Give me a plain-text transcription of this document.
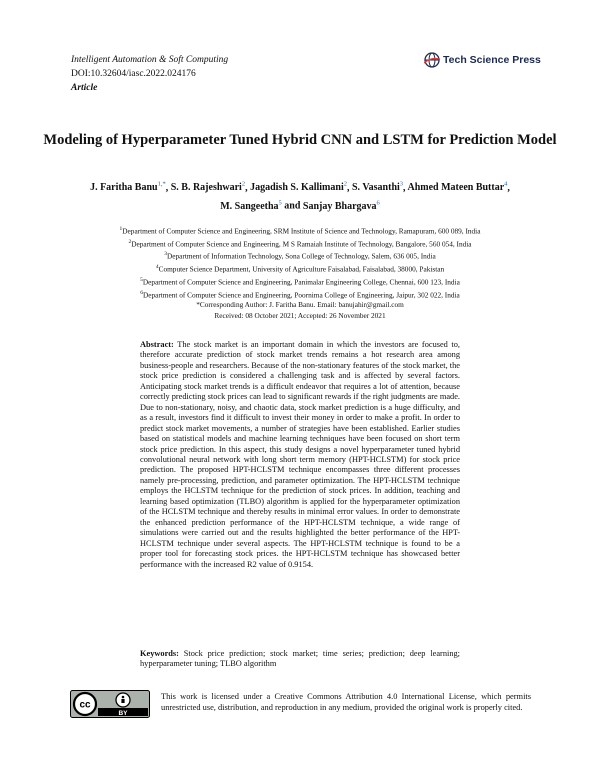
Intelligent Automation & Soft Computing
DOI:10.32604/iasc.2022.024176
Article
Tech Science Press
Modeling of Hyperparameter Tuned Hybrid CNN and LSTM for Prediction Model
J. Faritha Banu$^{1,*}$, S. B. Rajeshwari$^2$, Jagadish S. Kallimani$^2$, S. Vasanthi$^3$, Ahmed Mateen Buttar$^4$,
M. Sangeetha$^5$ and Sanjay Bhargava$^6$
$^1$Department of Computer Science and Engineering, SRM Institute of Science and Technology, Ramapuram, 600 089, India
$^2$Department of Computer Science and Engineering, M S Ramaiah Institute of Technology, Bangalore, 560 054, India
$^3$Department of Information Technology, Sona College of Technology, Salem, 636 005, India
$^4$Computer Science Department, University of Agriculture Faisalabad, Faisalabad, 38000, Pakistan
$^5$Department of Computer Science and Engineering, Panimalar Engineering College, Chennai, 600 123, India
$^6$Department of Computer Science and Engineering, Poornima College of Engineering, Jaipur, 302 022, India
*Corresponding Author: J. Faritha Banu. Email: banujahir@gmail.com
Received: 08 October 2021; Accepted: 26 November 2021
Abstract: The stock market is an important domain in which the investors are focused to, therefore accurate prediction of stock market trends remains a hot research area among business-people and researchers. Because of the non-stationary features of the stock market, the stock price prediction is considered a challenging task and is affected by several factors. Anticipating stock market trends is a difficult endeavor that requires a lot of attention, because correctly predicting stock prices can lead to significant rewards if the right judgments are made. Due to non-stationary, noisy, and chaotic data, stock market prediction is a huge difficulty, and as a result, investors find it difficult to invest their money in order to make a profit. In order to predict stock market movements, a number of strategies have been established. Earlier studies based on statistical models and machine learning techniques have been focused on short term stock price prediction. In this aspect, this study designs a novel hyperparameter tuned hybrid convolutional neural network with long short term memory (HPT-HCLSTM) for stock price prediction. The proposed HPT-HCLSTM technique encompasses three different processes namely pre-processing, prediction, and parameter optimization. The HPT-HCLSTM technique employs the HCLSTM technique for the prediction of stock prices. In addition, teaching and learning based optimization (TLBO) algorithm is applied for the hyperparameter optimization of the HCLSTM technique and thereby results in minimal error values. In order to demonstrate the enhanced prediction performance of the HPT-HCLSTM technique, a wide range of simulations were carried out and the results highlighted the better performance of the HPT-HCLSTM technique under several aspects. The HPT-HCLSTM technique is found to be a proper tool for forecasting stock prices. the HPT-HCLSTM technique has showcased better performance with the increased R2 value of 0.9154.
Keywords: Stock price prediction; stock market; time series; prediction; deep learning; hyperparameter tuning; TLBO algorithm
cc
BY
This work is licensed under a Creative Commons Attribution 4.0 International License, which permits unrestricted use, distribution, and reproduction in any medium, provided the original work is properly cited.
